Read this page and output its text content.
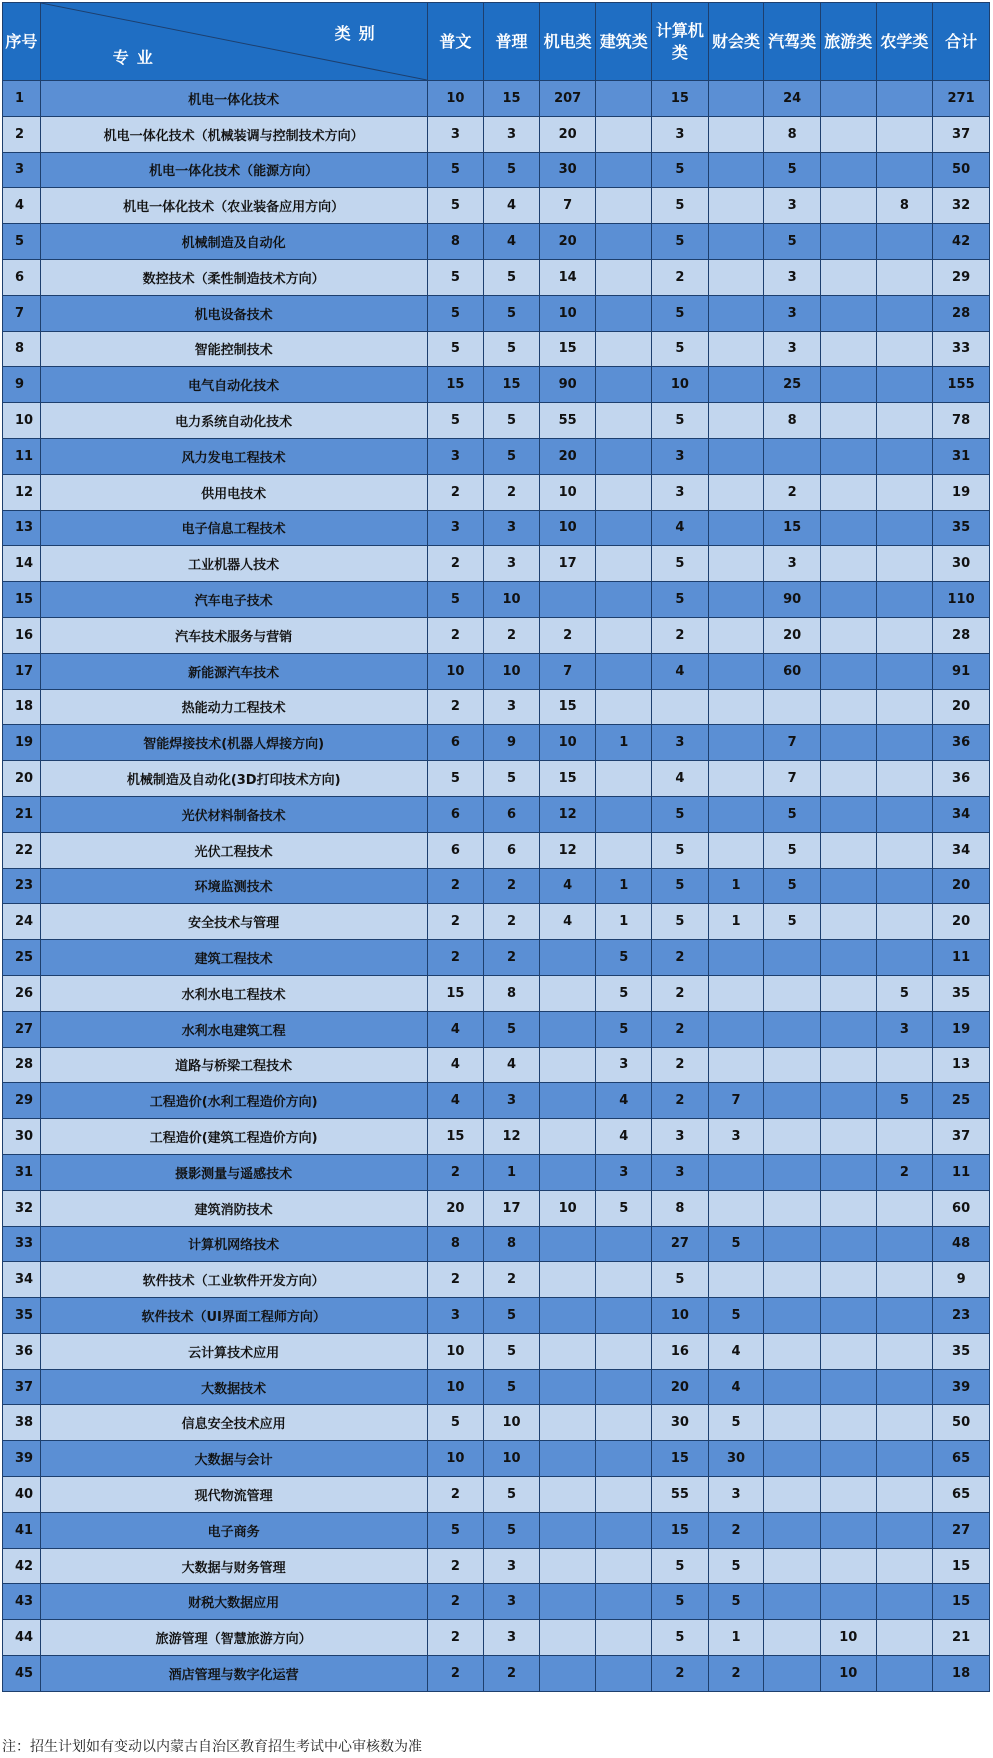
序号	类别
专业	普文	普理	机电类	建筑类	计算机类	财会类	汽驾类	旅游类	农学类	合计
1	机电一体化技术	10	15	207		15		24			271
2	机电一体化技术（机械装调与控制技术方向）	3	3	20		3		8			37
3	机电一体化技术（能源方向）	5	5	30		5		5			50
4	机电一体化技术（农业装备应用方向）	5	4	7		5		3		8	32
5	机械制造及自动化	8	4	20		5		5			42
6	数控技术（柔性制造技术方向）	5	5	14		2		3			29
7	机电设备技术	5	5	10		5		3			28
8	智能控制技术	5	5	15		5		3			33
9	电气自动化技术	15	15	90		10		25			155
10	电力系统自动化技术	5	5	55		5		8			78
11	风力发电工程技术	3	5	20		3					31
12	供用电技术	2	2	10		3		2			19
13	电子信息工程技术	3	3	10		4		15			35
14	工业机器人技术	2	3	17		5		3			30
15	汽车电子技术	5	10			5		90			110
16	汽车技术服务与营销	2	2	2		2		20			28
17	新能源汽车技术	10	10	7		4		60			91
18	热能动力工程技术	2	3	15							20
19	智能焊接技术(机器人焊接方向)	6	9	10	1	3		7			36
20	机械制造及自动化(3D打印技术方向)	5	5	15		4		7			36
21	光伏材料制备技术	6	6	12		5		5			34
22	光伏工程技术	6	6	12		5		5			34
23	环境监测技术	2	2	4	1	5	1	5			20
24	安全技术与管理	2	2	4	1	5	1	5			20
25	建筑工程技术	2	2		5	2					11
26	水利水电工程技术	15	8		5	2				5	35
27	水利水电建筑工程	4	5		5	2				3	19
28	道路与桥梁工程技术	4	4		3	2					13
29	工程造价(水利工程造价方向)	4	3		4	2	7			5	25
30	工程造价(建筑工程造价方向)	15	12		4	3	3				37
31	摄影测量与遥感技术	2	1		3	3				2	11
32	建筑消防技术	20	17	10	5	8					60
33	计算机网络技术	8	8			27	5				48
34	软件技术（工业软件开发方向）	2	2			5					9
35	软件技术（UI界面工程师方向）	3	5			10	5				23
36	云计算技术应用	10	5			16	4				35
37	大数据技术	10	5			20	4				39
38	信息安全技术应用	5	10			30	5				50
39	大数据与会计	10	10			15	30				65
40	现代物流管理	2	5			55	3				65
41	电子商务	5	5			15	2				27
42	大数据与财务管理	2	3			5	5				15
43	财税大数据应用	2	3			5	5				15
44	旅游管理（智慧旅游方向）	2	3			5	1		10		21
45	酒店管理与数字化运营	2	2			2	2		10		18
注：招生计划如有变动以内蒙古自治区教育招生考试中心审核数为准
